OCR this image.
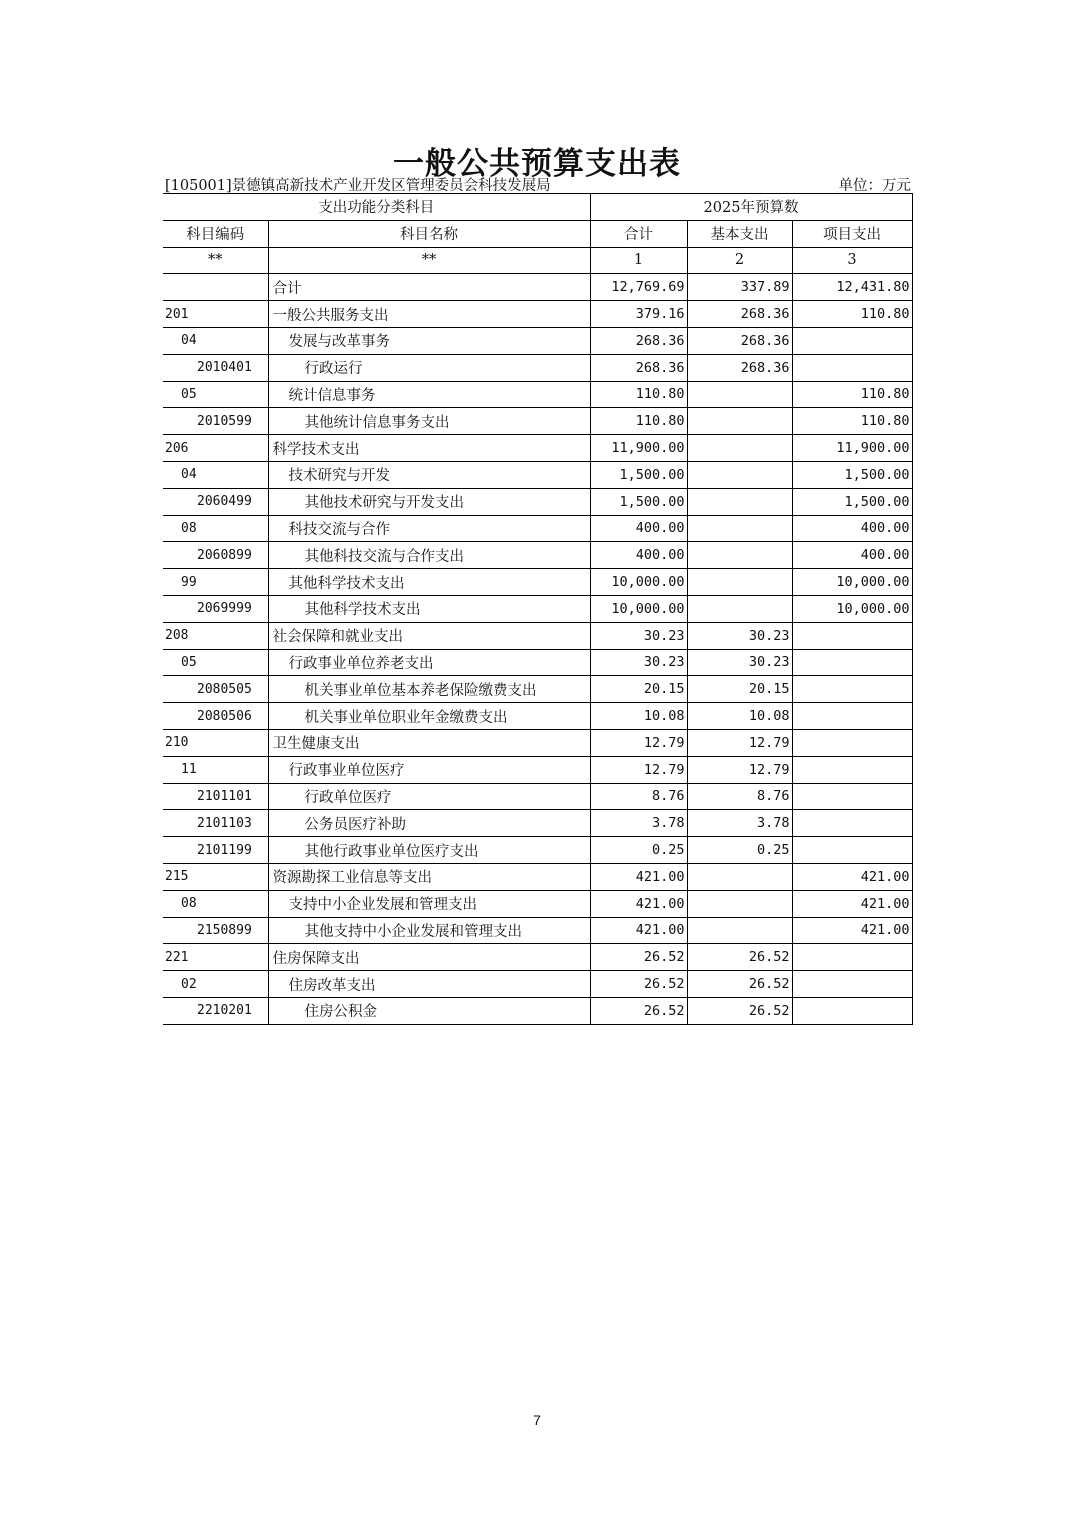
一般公共预算支出表
[105001]景德镇高新技术产业开发区管理委员会科技发展局	单位：万元
支出功能分类科目		2025年预算数		
科目编码	科目名称	合计	基本支出	项目支出
**	**	1	2	3
	合计	12,769.69	337.89	12,431.80
201	一般公共服务支出	379.16	268.36	110.80
04	发展与改革事务	268.36	268.36	
2010401	行政运行	268.36	268.36	
05	统计信息事务	110.80		110.80
2010599	其他统计信息事务支出	110.80		110.80
206	科学技术支出	11,900.00		11,900.00
04	技术研究与开发	1,500.00		1,500.00
2060499	其他技术研究与开发支出	1,500.00		1,500.00
08	科技交流与合作	400.00		400.00
2060899	其他科技交流与合作支出	400.00		400.00
99	其他科学技术支出	10,000.00		10,000.00
2069999	其他科学技术支出	10,000.00		10,000.00
208	社会保障和就业支出	30.23	30.23	
05	行政事业单位养老支出	30.23	30.23	
2080505	机关事业单位基本养老保险缴费支出	20.15	20.15	
2080506	机关事业单位职业年金缴费支出	10.08	10.08	
210	卫生健康支出	12.79	12.79	
11	行政事业单位医疗	12.79	12.79	
2101101	行政单位医疗	8.76	8.76	
2101103	公务员医疗补助	3.78	3.78	
2101199	其他行政事业单位医疗支出	0.25	0.25	
215	资源勘探工业信息等支出	421.00		421.00
08	支持中小企业发展和管理支出	421.00		421.00
2150899	其他支持中小企业发展和管理支出	421.00		421.00
221	住房保障支出	26.52	26.52	
02	住房改革支出	26.52	26.52	
2210201	住房公积金	26.52	26.52	
7
